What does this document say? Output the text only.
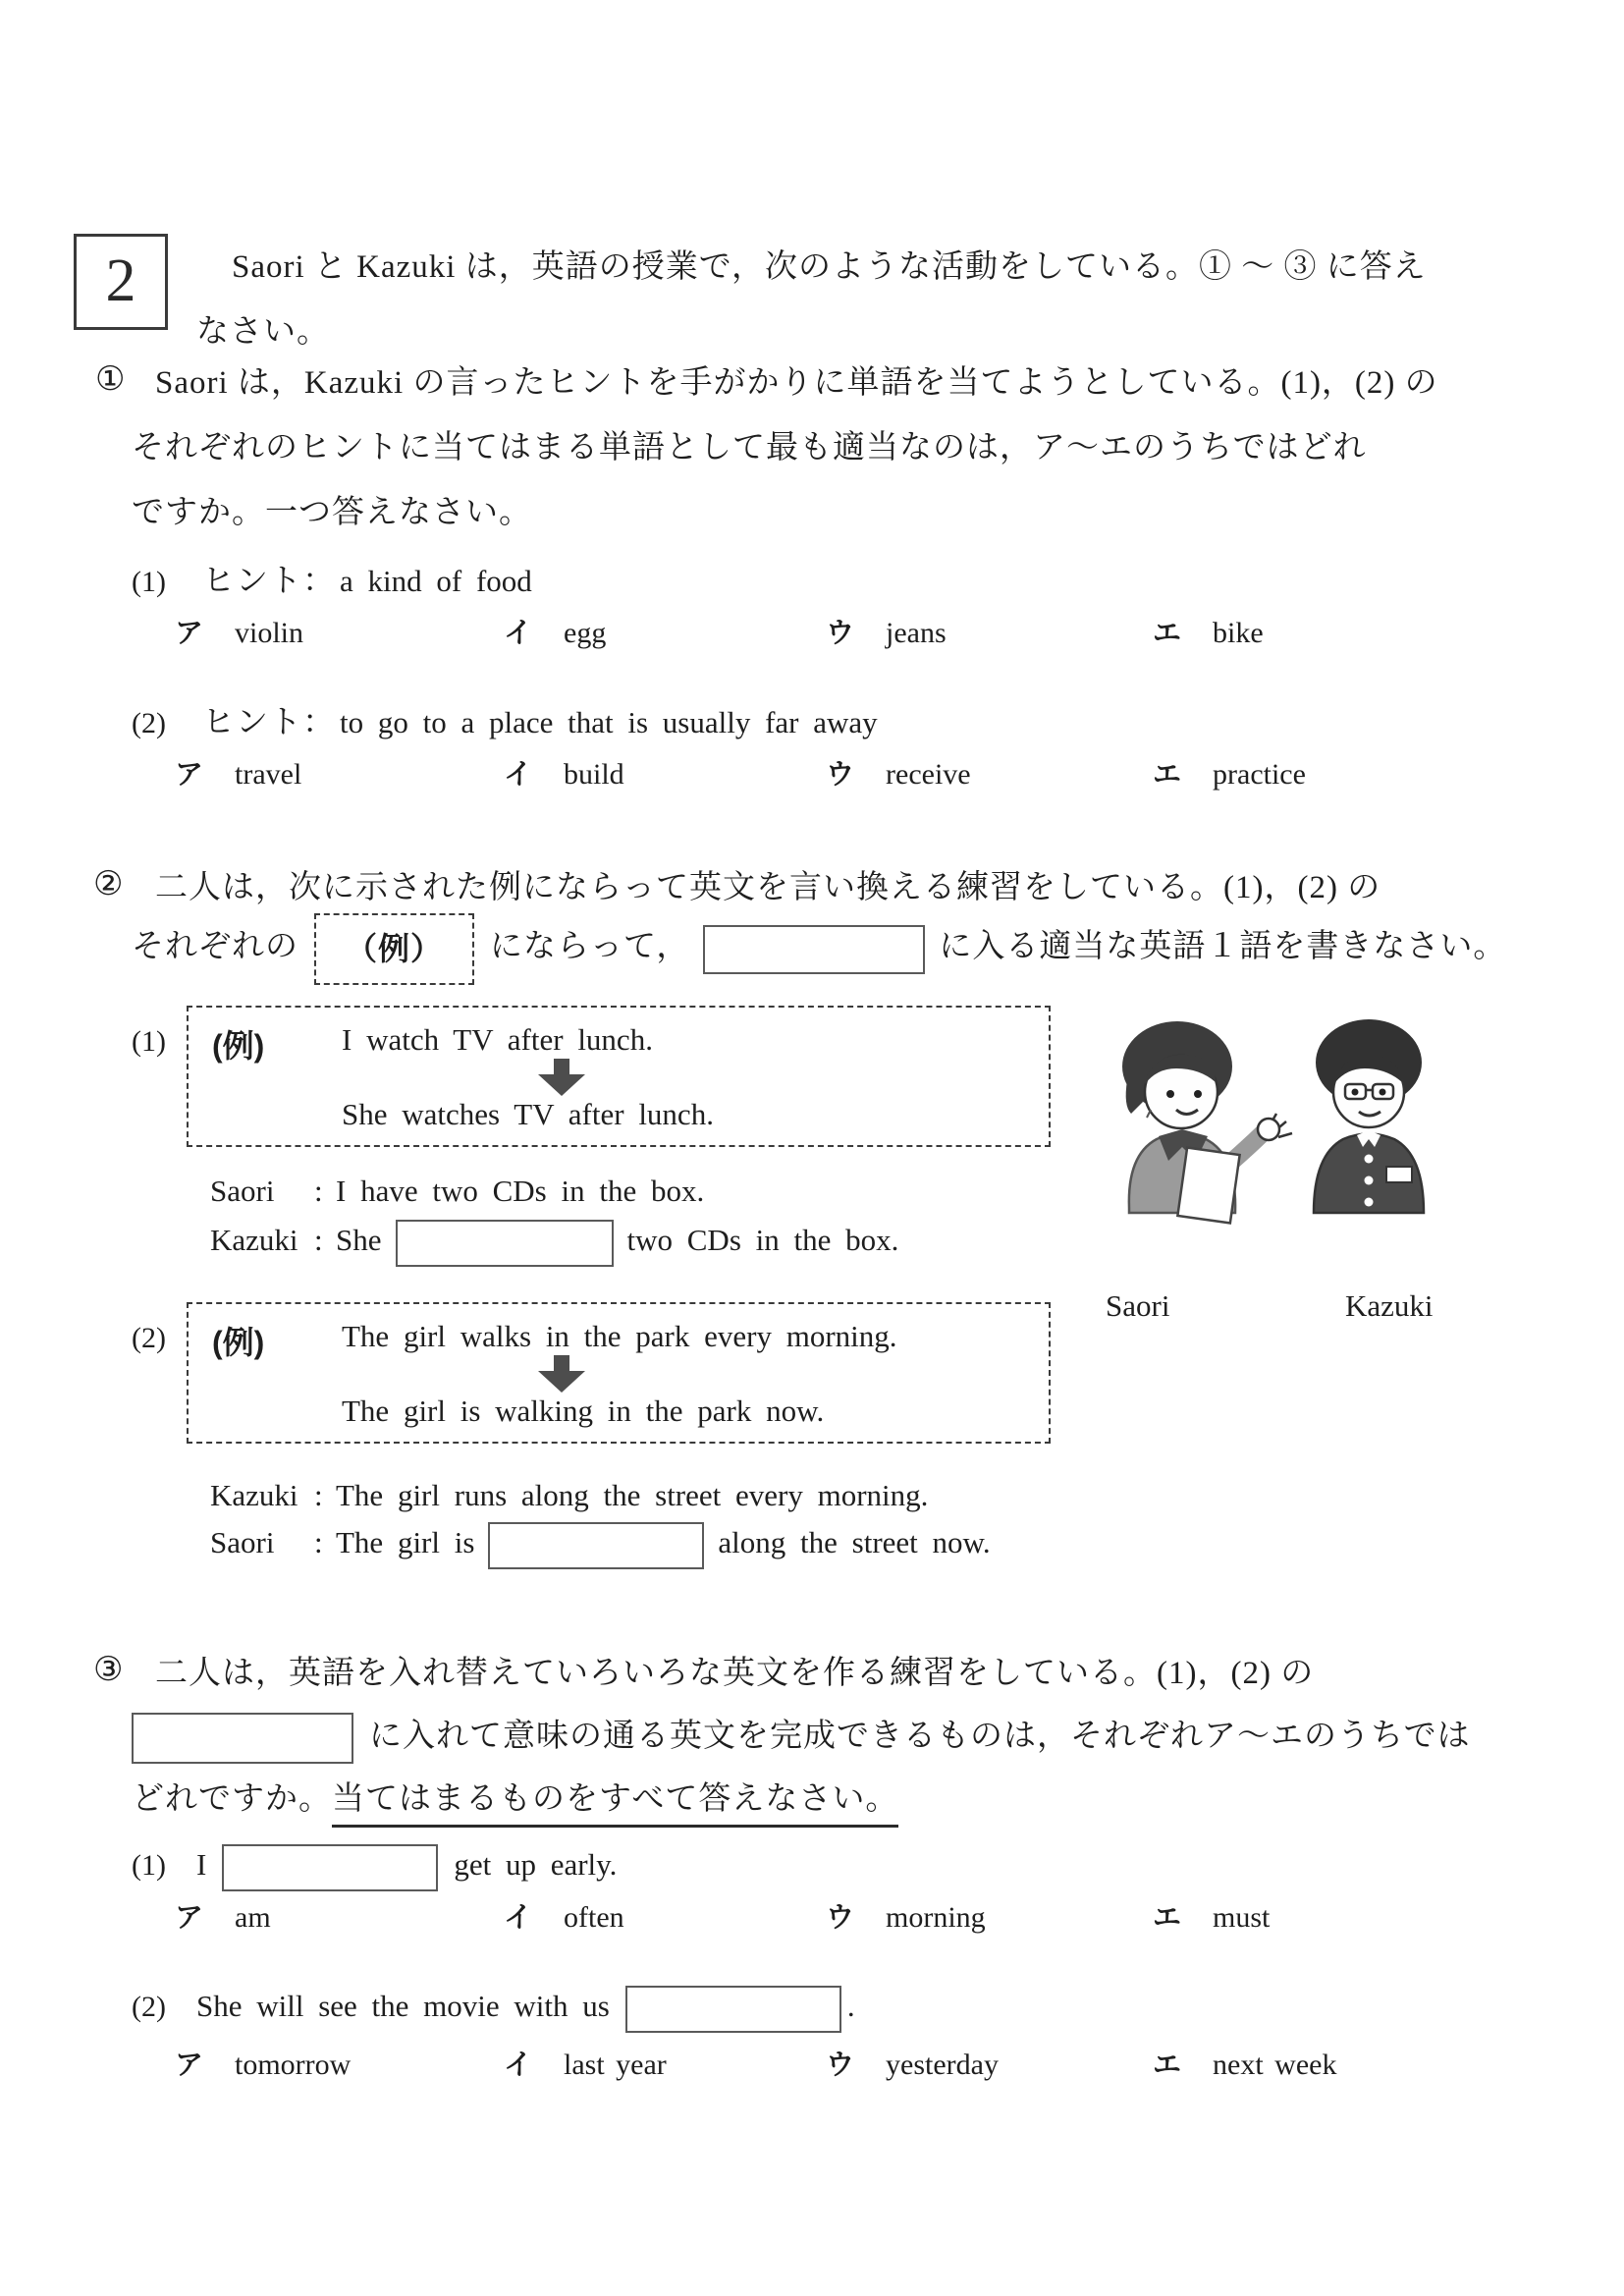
2	Saori と Kazuki は，英語の授業で，次のような活動をしている。① ～ ③ に答え
なさい。
① Saori は，Kazuki の言ったヒントを手がかりに単語を当てようとしている。(1)，(2) の
それぞれのヒントに当てはまる単語として最も適当なのは，ア～エのうちではどれ
ですか。一つ答えなさい。
(1) ヒント： a kind of food
ア violin	イ egg	ウ jeans	エ bike
(2) ヒント： to go to a place that is usually far away
ア travel	イ build	ウ receive	エ practice
② 二人は，次に示された例にならって英文を言い換える練習をしている。(1)，(2) の
それぞれの （例） にならって，	に入る適当な英語１語を書きなさい。
(1) (例)	I watch TV after lunch.
She watches TV after lunch.
Saori : I have two CDs in the box.
Kazuki : She	two CDs in the box.
Saori	Kazuki
(2) (例)	The girl walks in the park every morning.
The girl is walking in the park now.
Kazuki : The girl runs along the street every morning.
Saori : The girl is	along the street now.
③ 二人は，英語を入れ替えていろいろな英文を作る練習をしている。(1)，(2) の
に入れて意味の通る英文を完成できるものは，それぞれア～エのうちでは
どれですか。当てはまるものをすべて答えなさい。
(1) I	get up early.
ア am	イ often	ウ morning	エ must
(2) She will see the movie with us	.
ア tomorrow	イ last year	ウ yesterday	エ next week
